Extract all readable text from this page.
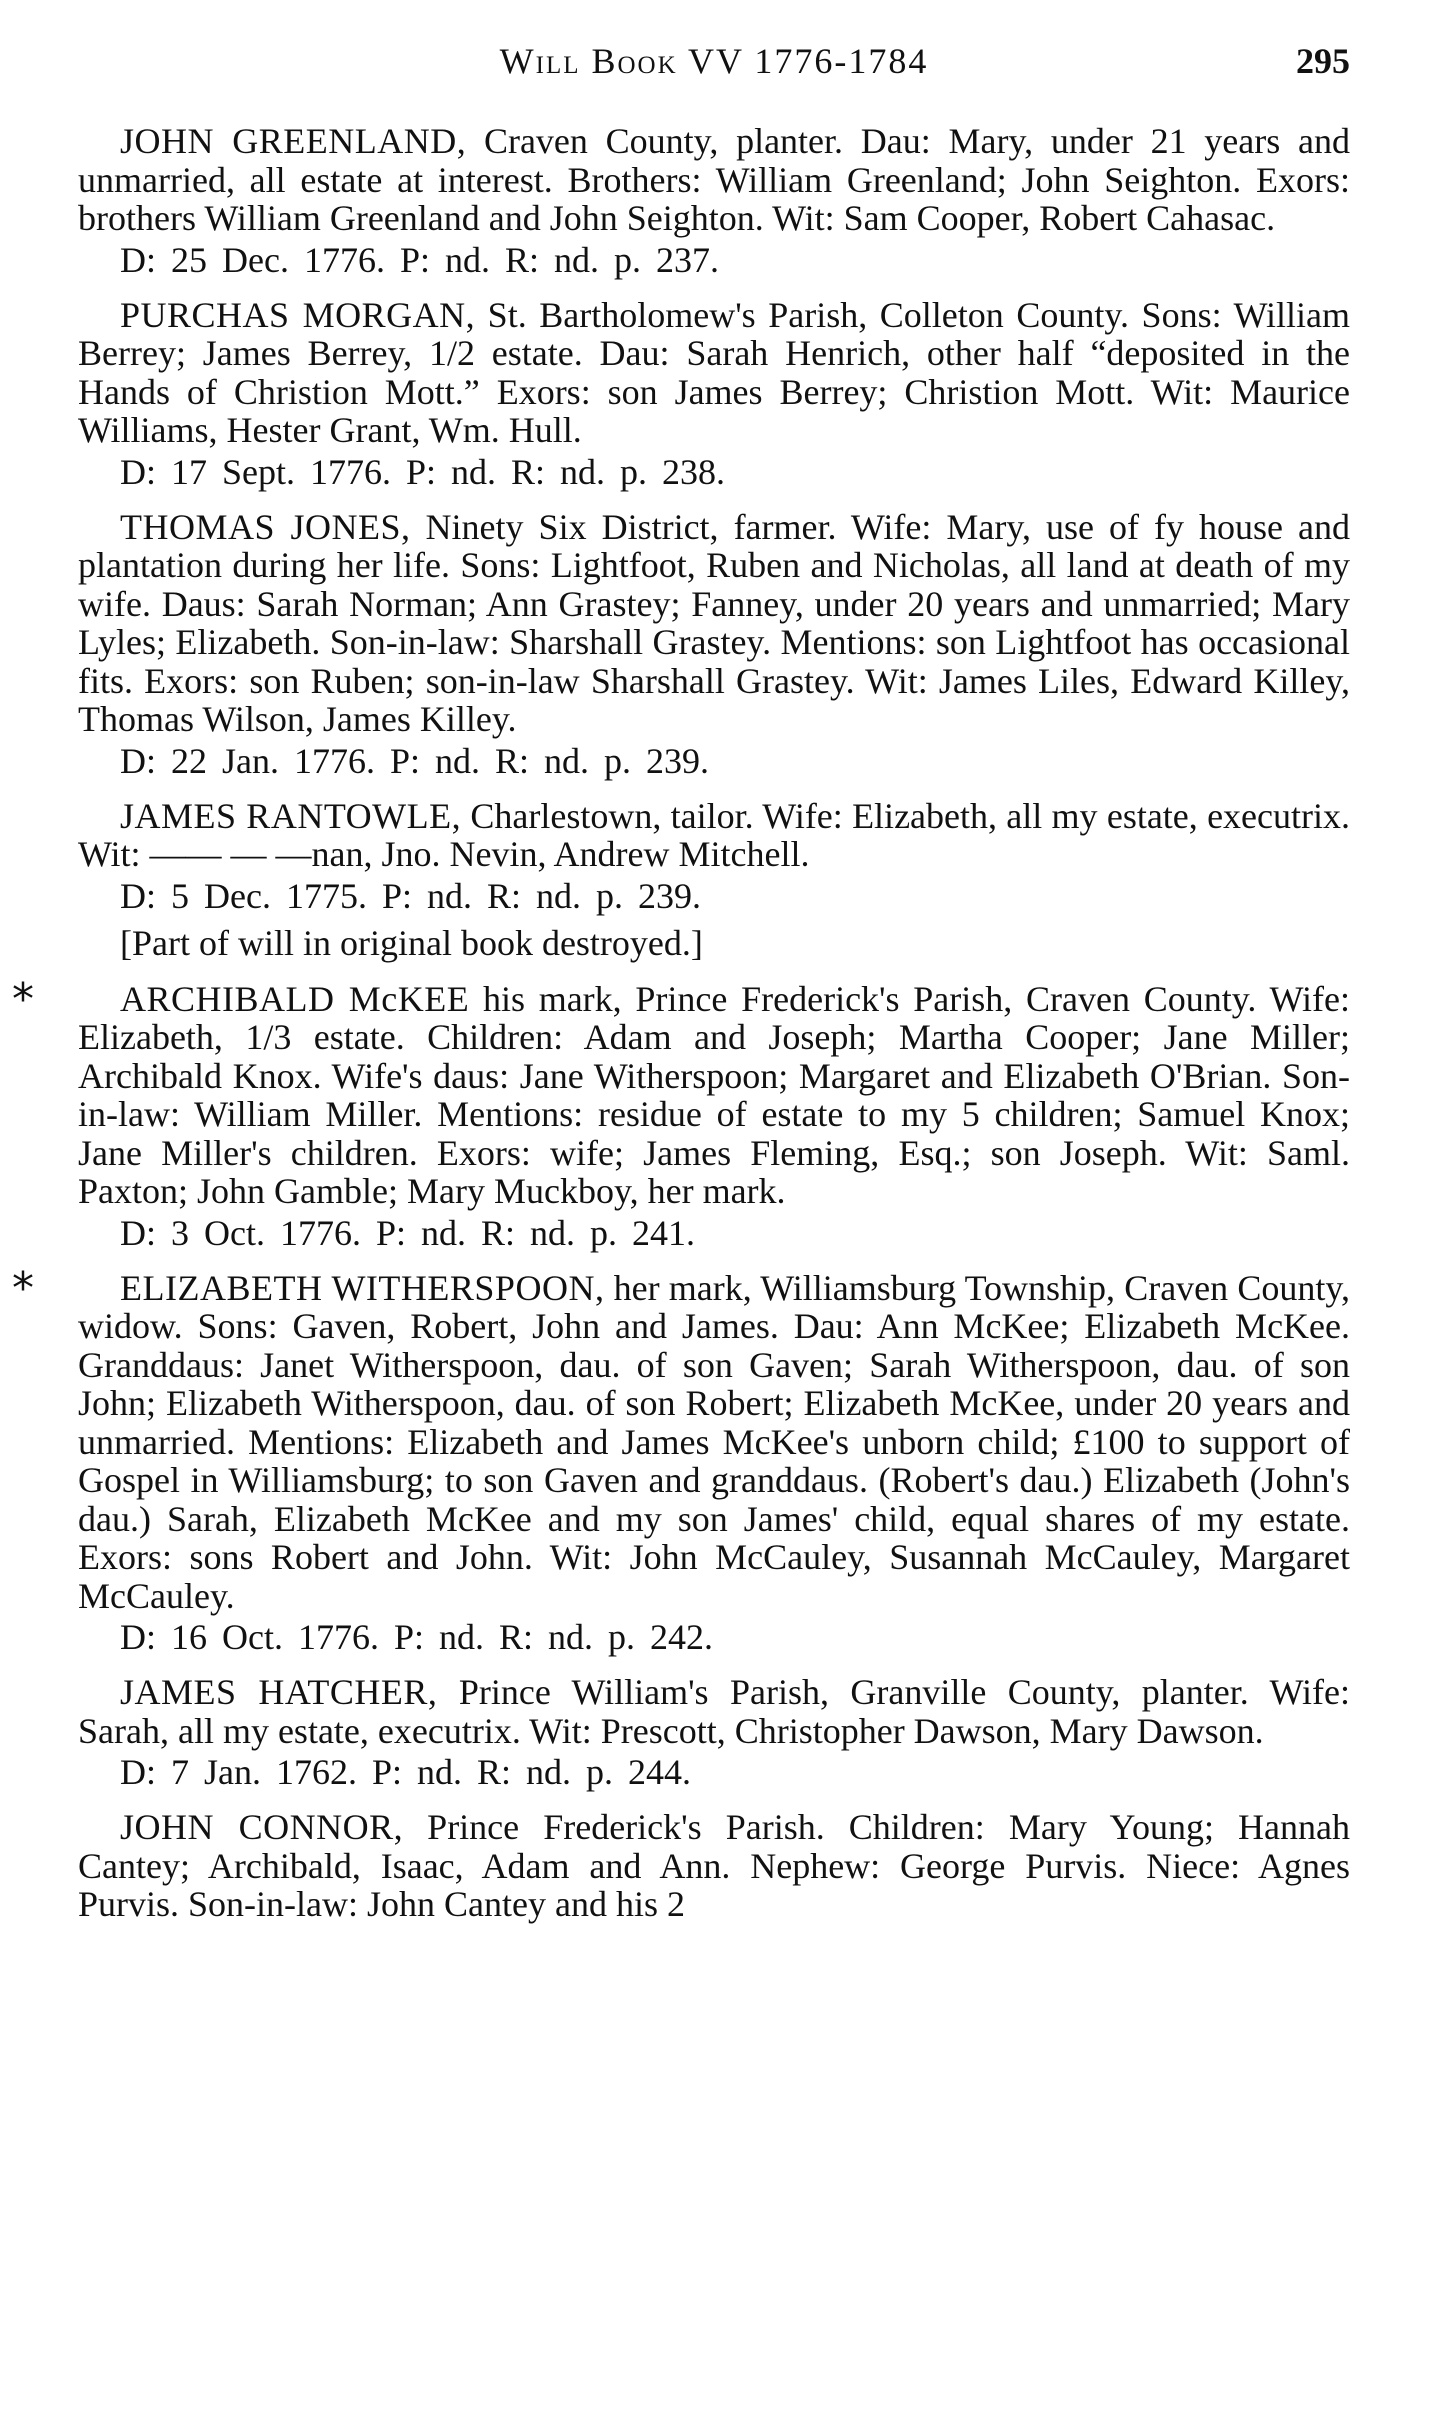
Will Book VV 1776-1784	295

JOHN GREENLAND, Craven County, planter. Dau: Mary, under 21 years and unmarried, all estate at interest. Brothers: William Greenland; John Seighton. Exors: brothers William Greenland and John Seighton. Wit: Sam Cooper, Robert Cahasac.

D: 25 Dec. 1776. P: nd. R: nd. p. 237.

PURCHAS MORGAN, St. Bartholomew's Parish, Colleton County. Sons: William Berrey; James Berrey, 1/2 estate. Dau: Sarah Henrich, other half “deposited in the Hands of Christion Mott.” Exors: son James Berrey; Christion Mott. Wit: Maurice Williams, Hester Grant, Wm. Hull.

D: 17 Sept. 1776. P: nd. R: nd. p. 238.

THOMAS JONES, Ninety Six District, farmer. Wife: Mary, use of fy house and plantation during her life. Sons: Lightfoot, Ruben and Nicholas, all land at death of my wife. Daus: Sarah Norman; Ann Grastey; Fanney, under 20 years and unmarried; Mary Lyles; Elizabeth. Son-in-law: Sharshall Grastey. Mentions: son Lightfoot has occasional fits. Exors: son Ruben; son-in-law Sharshall Grastey. Wit: James Liles, Edward Killey, Thomas Wilson, James Killey.

D: 22 Jan. 1776. P: nd. R: nd. p. 239.

JAMES RANTOWLE, Charlestown, tailor. Wife: Elizabeth, all my estate, executrix. Wit: —— — —nan, Jno. Nevin, Andrew Mitchell.

D: 5 Dec. 1775. P: nd. R: nd. p. 239.
[Part of will in original book destroyed.]
*	ARCHIBALD McKEE his mark, Prince Frederick's Parish, Craven County. Wife: Elizabeth, 1/3 estate. Children: Adam and Joseph; Martha Cooper; Jane Miller; Archibald Knox. Wife's daus: Jane Witherspoon; Margaret and Elizabeth O'Brian. Son-in-law: William Miller. Mentions: residue of estate to my 5 children; Samuel Knox; Jane Miller's children. Exors: wife; James Fleming, Esq.; son Joseph. Wit: Saml. Paxton; John Gamble; Mary Muckboy, her mark.

D: 3 Oct. 1776. P: nd. R: nd. p. 241.
*	ELIZABETH WITHERSPOON, her mark, Williamsburg Township, Craven County, widow. Sons: Gaven, Robert, John and James. Dau: Ann McKee; Elizabeth McKee. Granddaus: Janet Witherspoon, dau. of son Gaven; Sarah Witherspoon, dau. of son John; Elizabeth Witherspoon, dau. of son Robert; Elizabeth McKee, under 20 years and unmarried. Mentions: Elizabeth and James McKee's unborn child; £100 to support of Gospel in Williamsburg; to son Gaven and granddaus. (Robert's dau.) Elizabeth (John's dau.) Sarah, Elizabeth McKee and my son James' child, equal shares of my estate. Exors: sons Robert and John. Wit: John McCauley, Susannah McCauley, Margaret McCauley.

D: 16 Oct. 1776. P: nd. R: nd. p. 242.

JAMES HATCHER, Prince William's Parish, Granville County, planter. Wife: Sarah, all my estate, executrix. Wit: Prescott, Christopher Dawson, Mary Dawson.

D: 7 Jan. 1762. P: nd. R: nd. p. 244.

JOHN CONNOR, Prince Frederick's Parish. Children: Mary Young; Hannah Cantey; Archibald, Isaac, Adam and Ann. Nephew: George Purvis. Niece: Agnes Purvis. Son-in-law: John Cantey and his 2
